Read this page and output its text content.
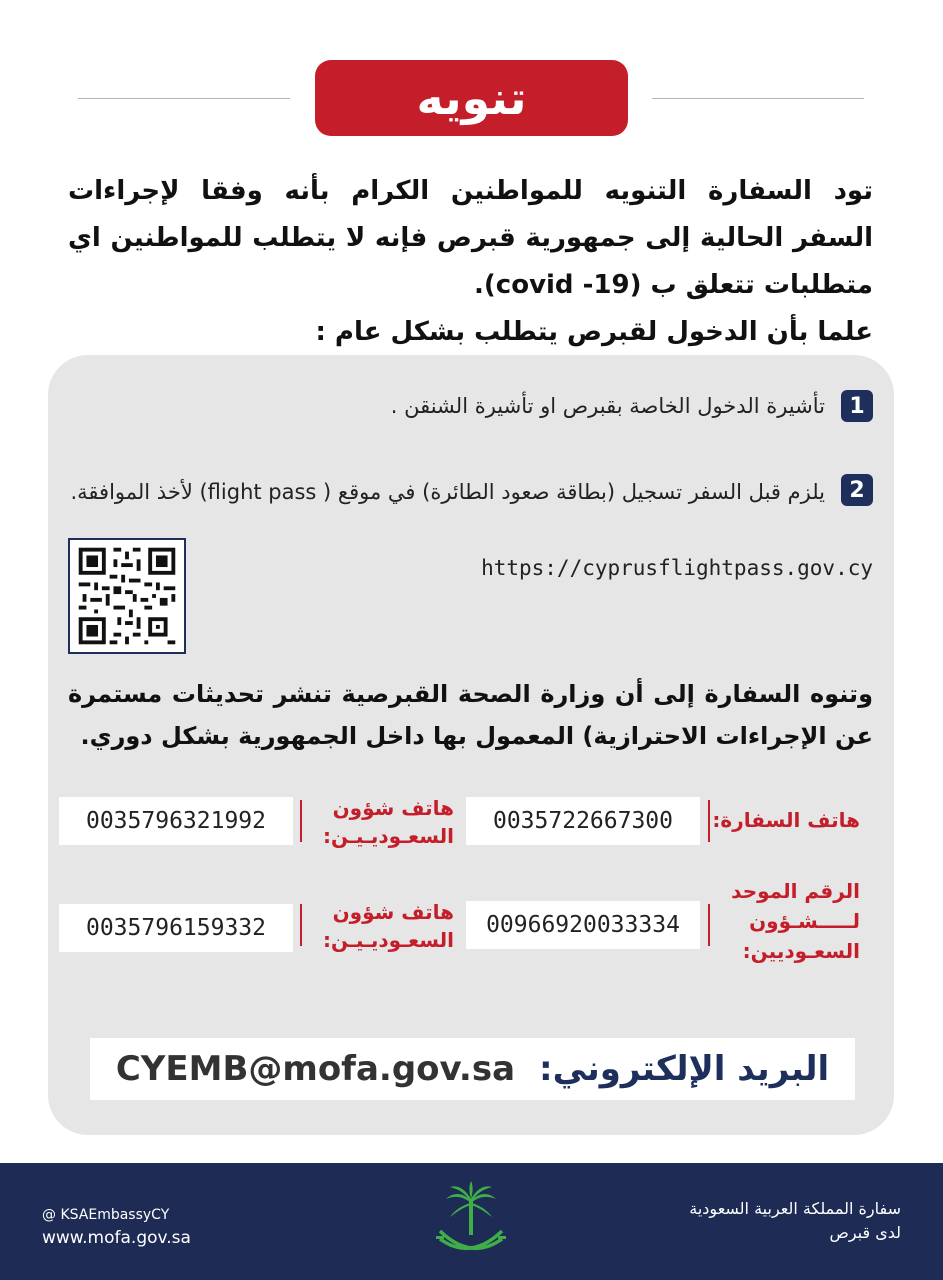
تنويه

تود السفارة التنويه للمواطنين الكرام بأنه وفقا لإجراءات السفر الحالية إلى جمهورية قبرص فإنه لا يتطلب للمواطنين اي متطلبات تتعلق ب (covid -19).

علما بأن الدخول لقبرص يتطلب بشكل عام :

1
تأشيرة الدخول الخاصة بقبرص او تأشيرة الشنقن .
2
يلزم قبل السفر تسجيل (بطاقة صعود الطائرة) في موقع ( flight pass) لأخذ الموافقة.
https://cyprusflightpass.gov.cy
وتنوه السفارة إلى أن وزارة الصحة القبرصية تنشر تحديثات مستمرة عن الإجراءات الاحترازية) المعمول بها داخل الجمهورية بشكل دوري.
هاتف السفارة:
0035722667300
هاتف شؤون السعـوديـيـن:
0035796321992
الرقم الموحد لـــــشـؤون السعـوديين:
00966920033334
هاتف شؤون السعـوديـيـن:
0035796159332
CYEMB@mofa.gov.sa البريد الإلكتروني:
@ KSAEmbassyCY
www.mofa.gov.sa
سفارة المملكة العربية السعودية
لدى قبرص
